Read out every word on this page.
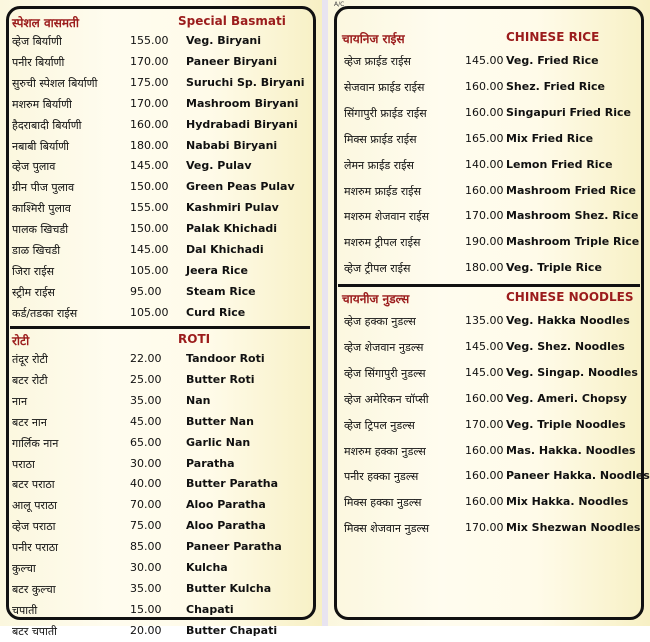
स्पेशल वासमती	Special Basmati
व्हेज बिर्याणी	155.00 Veg. Biryani
पनीर बिर्याणी	170.00 Paneer Biryani
सुरुची स्पेशल बिर्याणी	175.00 Suruchi Sp. Biryani
मशरुम बिर्याणी	170.00 Mashroom Biryani
हैदराबादी बिर्याणी	160.00 Hydrabadi Biryani
नबाबी बिर्याणी	180.00 Nababi Biryani
व्हेज पुलाव	145.00 Veg. Pulav
ग्रीन पीज पुलाव	150.00 Green Peas Pulav
काश्मिरी पुलाव	155.00 Kashmiri Pulav
पालक खिचडी	150.00 Palak Khichadi
डाळ खिचडी	145.00 Dal Khichadi
जिरा राईस	105.00 Jeera Rice
स्ट्रीम राईस	95.00 Steam Rice
कर्ड/तडका राईस	105.00 Curd Rice
रोटी	ROTI
तंदूर रोटी	22.00 Tandoor Roti
बटर रोटी	25.00 Butter Roti
नान	35.00 Nan
बटर नान	45.00 Butter Nan
गार्लिक नान	65.00 Garlic Nan
पराठा	30.00 Paratha
बटर पराठा	40.00 Butter Paratha
आलू पराठा	70.00 Aloo Paratha
व्हेज पराठा	75.00 Aloo Paratha
पनीर पराठा	85.00 Paneer Paratha
कुल्चा	30.00 Kulcha
बटर कुल्चा	35.00 Butter Kulcha
चपाती	15.00 Chapati
बटर चपाती	20.00 Butter Chapati
A/C
चायनिज राईस	CHINESE RICE
व्हेज फ्राईड राईस	145.00 Veg. Fried Rice
सेजवान फ्राईड राईस	160.00 Shez. Fried Rice
सिंगापुरी फ्राईड राईस	160.00 Singapuri Fried Rice
मिक्स फ्राईड राईस	165.00 Mix Fried Rice
लेमन फ्राईड राईस	140.00 Lemon Fried Rice
मशरुम फ्राईड राईस	160.00 Mashroom Fried Rice
मशरुम शेजवान राईस	170.00 Mashroom Shez. Rice
मशरुम ट्रीपल राईस	190.00 Mashroom Triple Rice
व्हेज ट्रीपल राईस	180.00 Veg. Triple Rice
चायनीज नुडल्स	CHINESE NOODLES
व्हेज हक्का नुडल्स	135.00 Veg. Hakka Noodles
व्हेज शेजवान नुडल्स	145.00 Veg. Shez. Noodles
व्हेज सिंगापुरी नुडल्स	145.00 Veg. Singap. Noodles
व्हेज अमेरिकन चॉप्सी	160.00 Veg. Ameri. Chopsy
व्हेज ट्रिपल नुडल्स	170.00 Veg. Triple Noodles
मशरुम हक्का नुडल्स	160.00 Mas. Hakka. Noodles
पनीर हक्का नुडल्स	160.00 Paneer Hakka. Noodles
मिक्स हक्का नुडल्स	160.00 Mix Hakka. Noodles
मिक्स शेजवान नुडल्स	170.00 Mix Shezwan Noodles
